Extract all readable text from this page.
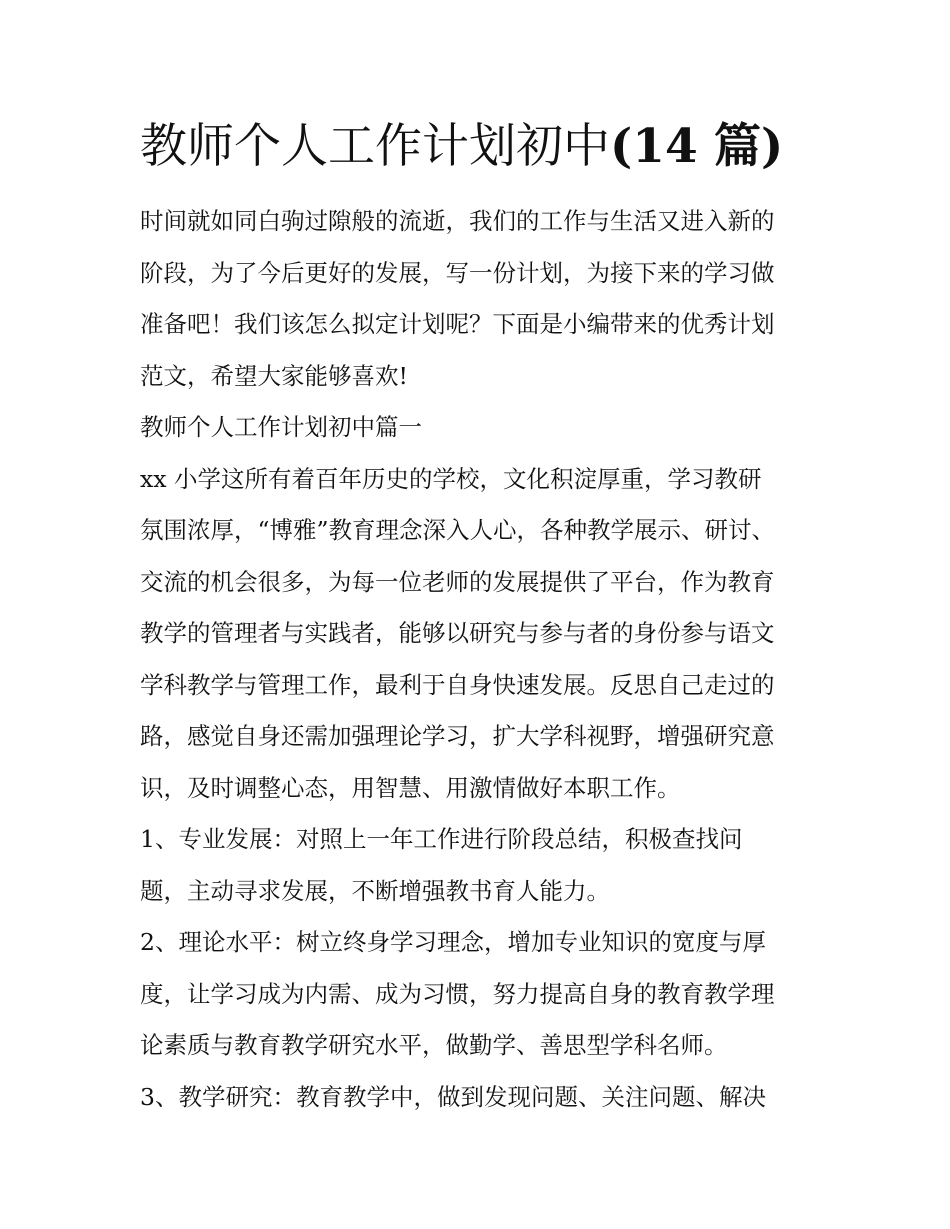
教师个人工作计划初中(14 篇)

时间就如同白驹过隙般的流逝，我们的工作与生活又进入新的

阶段，为了今后更好的发展，写一份计划，为接下来的学习做

准备吧！我们该怎么拟定计划呢？下面是小编带来的优秀计划

范文，希望大家能够喜欢!

教师个人工作计划初中篇一

xx 小学这所有着百年历史的学校，文化积淀厚重，学习教研

氛围浓厚，“博雅”教育理念深入人心，各种教学展示、研讨、

交流的机会很多，为每一位老师的发展提供了平台，作为教育

教学的管理者与实践者，能够以研究与参与者的身份参与语文

学科教学与管理工作，最利于自身快速发展。反思自己走过的

路，感觉自身还需加强理论学习，扩大学科视野，增强研究意

识，及时调整心态，用智慧、用激情做好本职工作。

1、专业发展：对照上一年工作进行阶段总结，积极查找问

题，主动寻求发展，不断增强教书育人能力。

2、理论水平：树立终身学习理念，增加专业知识的宽度与厚

度，让学习成为内需、成为习惯，努力提高自身的教育教学理

论素质与教育教学研究水平，做勤学、善思型学科名师。

3、教学研究：教育教学中，做到发现问题、关注问题、解决
